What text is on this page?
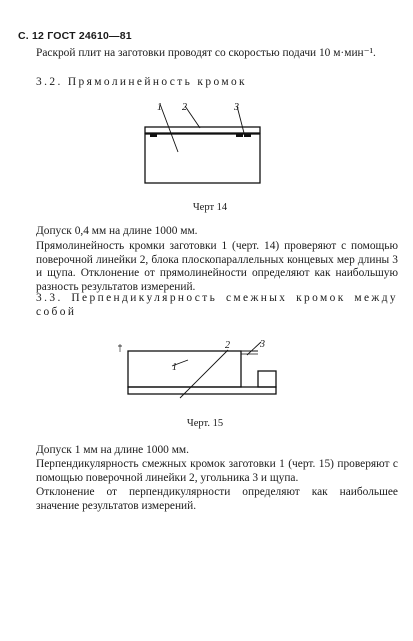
С. 12 ГОСТ 24610—81
Раскрой плит на заготовки проводят со скоростью подачи 10 м·мин⁻¹.
3.2. Прямолинейность кромок
1 2	3
1
2	3
Черт 14
Допуск 0,4 мм на длине 1000 мм.
Прямолинейность кромки заготовки 1 (черт. 14) проверяют с помощью поверочной линейки 2, блока плоскопараллельных концевых мер длины 3 и щупа. Отклонение от прямолинейности определяют как наибольшую разность результатов измерений.
3.3. Перпендикулярность смежных кромок между собой
Черт. 15
Допуск 1 мм на длине 1000 мм.
Перпендикулярность смежных кромок заготовки 1 (черт. 15) проверяют с помощью поверочной линейки 2, угольника 3 и щупа.
Отклонение от перпендикулярности определяют как наибольшее значение результатов измерений.
